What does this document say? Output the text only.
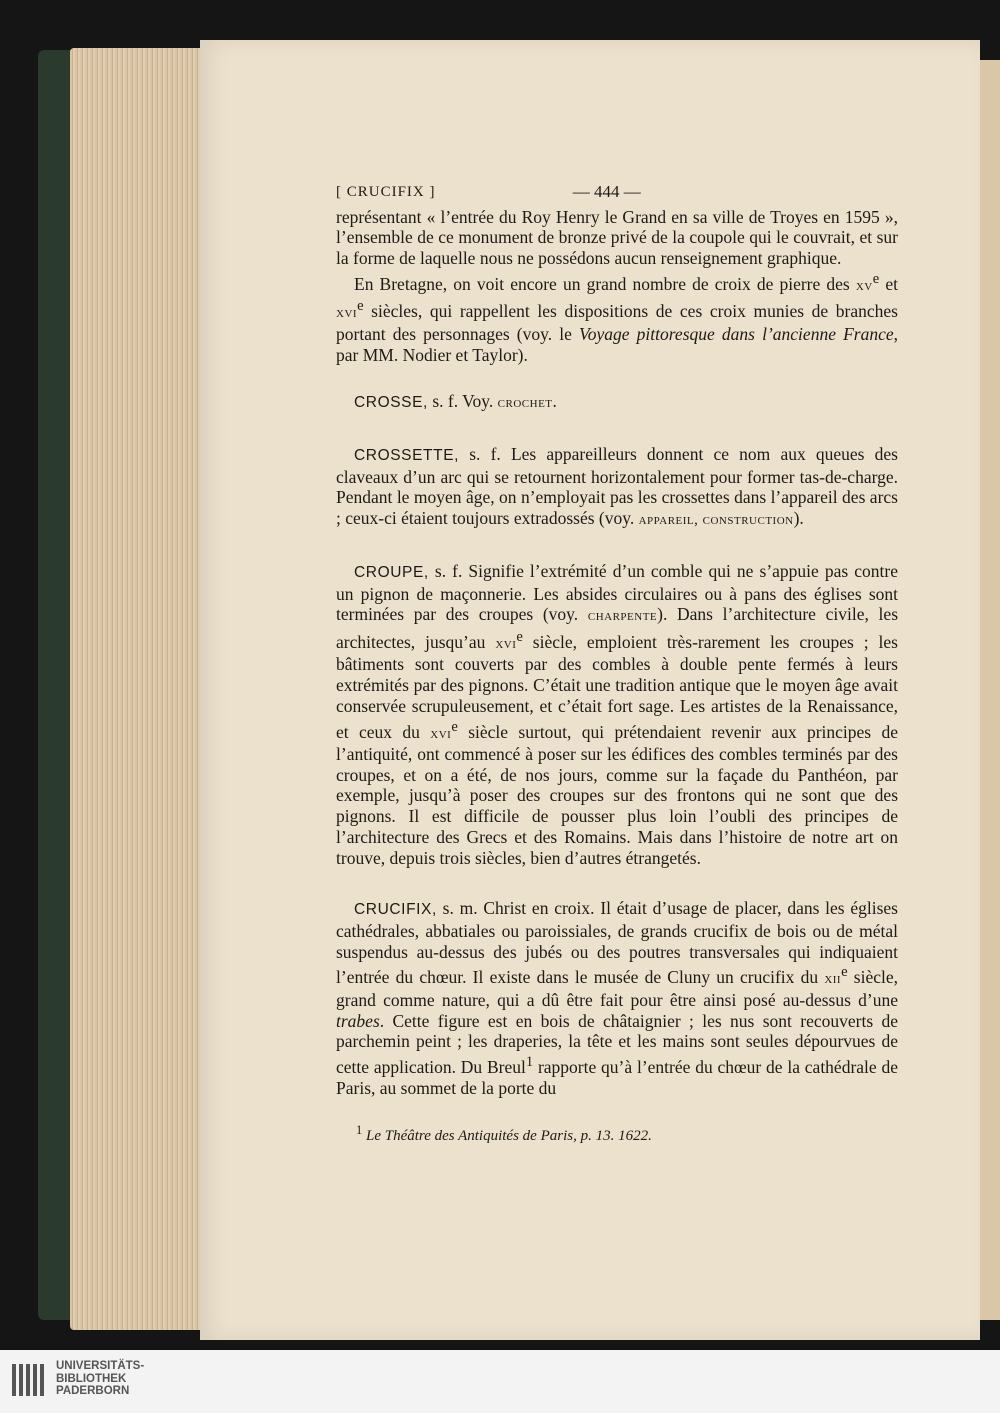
[ CRUCIFIX ]	— 444 —

représentant « l’entrée du Roy Henry le Grand en sa ville de Troyes en 1595 », l’ensemble de ce monument de bronze privé de la coupole qui le couvrait, et sur la forme de laquelle nous ne possédons aucun renseignement graphique.

En Bretagne, on voit encore un grand nombre de croix de pierre des $xv^e$ et xvi$^e$ siècles, qui rappellent les dispositions de ces croix munies de branches portant des personnages (voy. le Voyage pittoresque dans l’ancienne France, par MM. Nodier et Taylor).

CROSSE, s. f. Voy. crochet.

CROSSETTE, s. f. Les appareilleurs donnent ce nom aux queues des claveaux d’un arc qui se retournent horizontalement pour former tas-de-charge. Pendant le moyen âge, on n’employait pas les crossettes dans l’appareil des arcs ; ceux-ci étaient toujours extradossés (voy. appareil, construction).

CROUPE, s. f. Signifie l’extrémité d’un comble qui ne s’appuie pas contre un pignon de maçonnerie. Les absides circulaires ou à pans des églises sont terminées par des croupes (voy. charpente). Dans l’architecture civile, les architectes, jusqu’au xvi$^e$ siècle, emploient très-rarement les croupes ; les bâtiments sont couverts par des combles à double pente fermés à leurs extrémités par des pignons. C’était une tradition antique que le moyen âge avait conservée scrupuleusement, et c’était fort sage. Les artistes de la Renaissance, et ceux du xvi$^e$ siècle surtout, qui prétendaient revenir aux principes de l’antiquité, ont commencé à poser sur les édifices des combles terminés par des croupes, et on a été, de nos jours, comme sur la façade du Panthéon, par exemple, jusqu’à poser des croupes sur des frontons qui ne sont que des pignons. Il est difficile de pousser plus loin l’oubli des principes de l’architecture des Grecs et des Romains. Mais dans l’histoire de notre art on trouve, depuis trois siècles, bien d’autres étrangetés.

CRUCIFIX, s. m. Christ en croix. Il était d’usage de placer, dans les églises cathédrales, abbatiales ou paroissiales, de grands crucifix de bois ou de métal suspendus au-dessus des jubés ou des poutres transversales qui indiquaient l’entrée du chœur. Il existe dans le musée de Cluny un crucifix du xii$^e$ siècle, grand comme nature, qui a dû être fait pour être ainsi posé au-dessus d’une trabes. Cette figure est en bois de châtaignier ; les nus sont recouverts de parchemin peint ; les draperies, la tête et les mains sont seules dépourvues de cette application. Du Breul$^1$ rapporte qu’à l’entrée du chœur de la cathédrale de Paris, au sommet de la porte du

$^1$ Le Théâtre des Antiquités de Paris, p. 13. 1622.

UNIVERSITÄTS-
BIBLIOTHEK
PADERBORN
